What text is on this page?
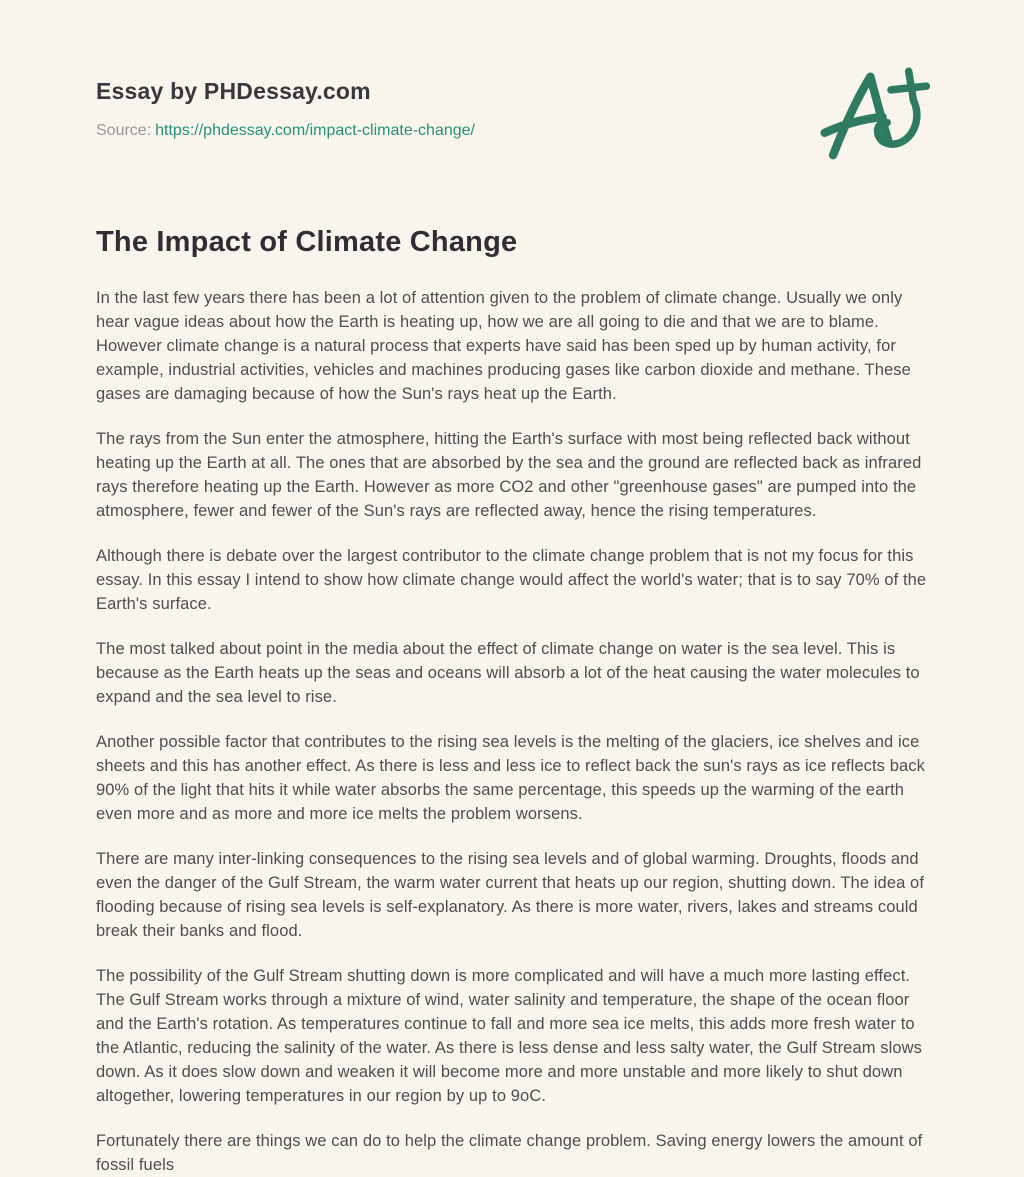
Essay by PHDessay.com
Source: https://phdessay.com/impact-climate-change/
The Impact of Climate Change

In the last few years there has been a lot of attention given to the problem of climate change. Usually we only hear vague ideas about how the Earth is heating up, how we are all going to die and that we are to blame. However climate change is a natural process that experts have said has been sped up by human activity, for example, industrial activities, vehicles and machines producing gases like carbon dioxide and methane. These gases are damaging because of how the Sun's rays heat up the Earth.

The rays from the Sun enter the atmosphere, hitting the Earth's surface with most being reflected back without heating up the Earth at all. The ones that are absorbed by the sea and the ground are reflected back as infrared rays therefore heating up the Earth. However as more CO2 and other "greenhouse gases" are pumped into the atmosphere, fewer and fewer of the Sun's rays are reflected away, hence the rising temperatures.

Although there is debate over the largest contributor to the climate change problem that is not my focus for this essay. In this essay I intend to show how climate change would affect the world's water; that is to say 70% of the Earth's surface.

The most talked about point in the media about the effect of climate change on water is the sea level. This is because as the Earth heats up the seas and oceans will absorb a lot of the heat causing the water molecules to expand and the sea level to rise.

Another possible factor that contributes to the rising sea levels is the melting of the glaciers, ice shelves and ice sheets and this has another effect. As there is less and less ice to reflect back the sun's rays as ice reflects back 90% of the light that hits it while water absorbs the same percentage, this speeds up the warming of the earth even more and as more and more ice melts the problem worsens.

There are many inter-linking consequences to the rising sea levels and of global warming. Droughts, floods and even the danger of the Gulf Stream, the warm water current that heats up our region, shutting down. The idea of flooding because of rising sea levels is self-explanatory. As there is more water, rivers, lakes and streams could break their banks and flood.

The possibility of the Gulf Stream shutting down is more complicated and will have a much more lasting effect. The Gulf Stream works through a mixture of wind, water salinity and temperature, the shape of the ocean floor and the Earth's rotation. As temperatures continue to fall and more sea ice melts, this adds more fresh water to the Atlantic, reducing the salinity of the water. As there is less dense and less salty water, the Gulf Stream slows down. As it does slow down and weaken it will become more and more unstable and more likely to shut down altogether, lowering temperatures in our region by up to 9oC.

Fortunately there are things we can do to help the climate change problem. Saving energy lowers the amount of fossil fuels
